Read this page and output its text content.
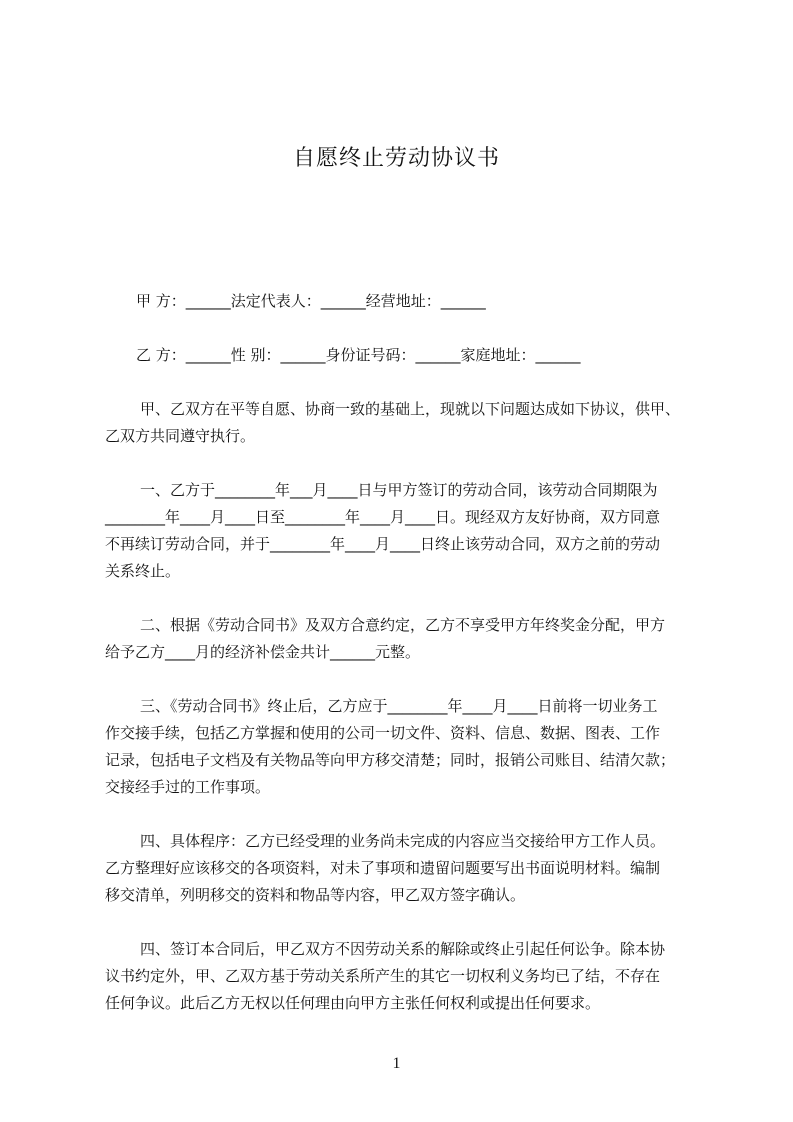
自愿终止劳动协议书
甲 方：______法定代表人：______经营地址：______
乙 方：______性 别：______身份证号码：______家庭地址：______
甲、乙双方在平等自愿、协商一致的基础上，现就以下问题达成如下协议，供甲、
乙双方共同遵守执行。
一、乙方于________年___月____日与甲方签订的劳动合同，该劳动合同期限为
________年____月____日至________年____月____日。现经双方友好协商，双方同意
不再续订劳动合同，并于________年____月____日终止该劳动合同，双方之前的劳动
关系终止。
二、根据《劳动合同书》及双方合意约定，乙方不享受甲方年终奖金分配，甲方
给予乙方____月的经济补偿金共计______元整。
三、《劳动合同书》终止后，乙方应于________年____月____日前将一切业务工
作交接手续，包括乙方掌握和使用的公司一切文件、资料、信息、数据、图表、工作
记录，包括电子文档及有关物品等向甲方移交清楚；同时，报销公司账目、结清欠款；
交接经手过的工作事项。
四、具体程序：乙方已经受理的业务尚未完成的内容应当交接给甲方工作人员。
乙方整理好应该移交的各项资料，对未了事项和遗留问题要写出书面说明材料。编制
移交清单，列明移交的资料和物品等内容，甲乙双方签字确认。
四、签订本合同后，甲乙双方不因劳动关系的解除或终止引起任何讼争。除本协
议书约定外，甲、乙双方基于劳动关系所产生的其它一切权利义务均已了结，不存在
任何争议。此后乙方无权以任何理由向甲方主张任何权利或提出任何要求。
1
